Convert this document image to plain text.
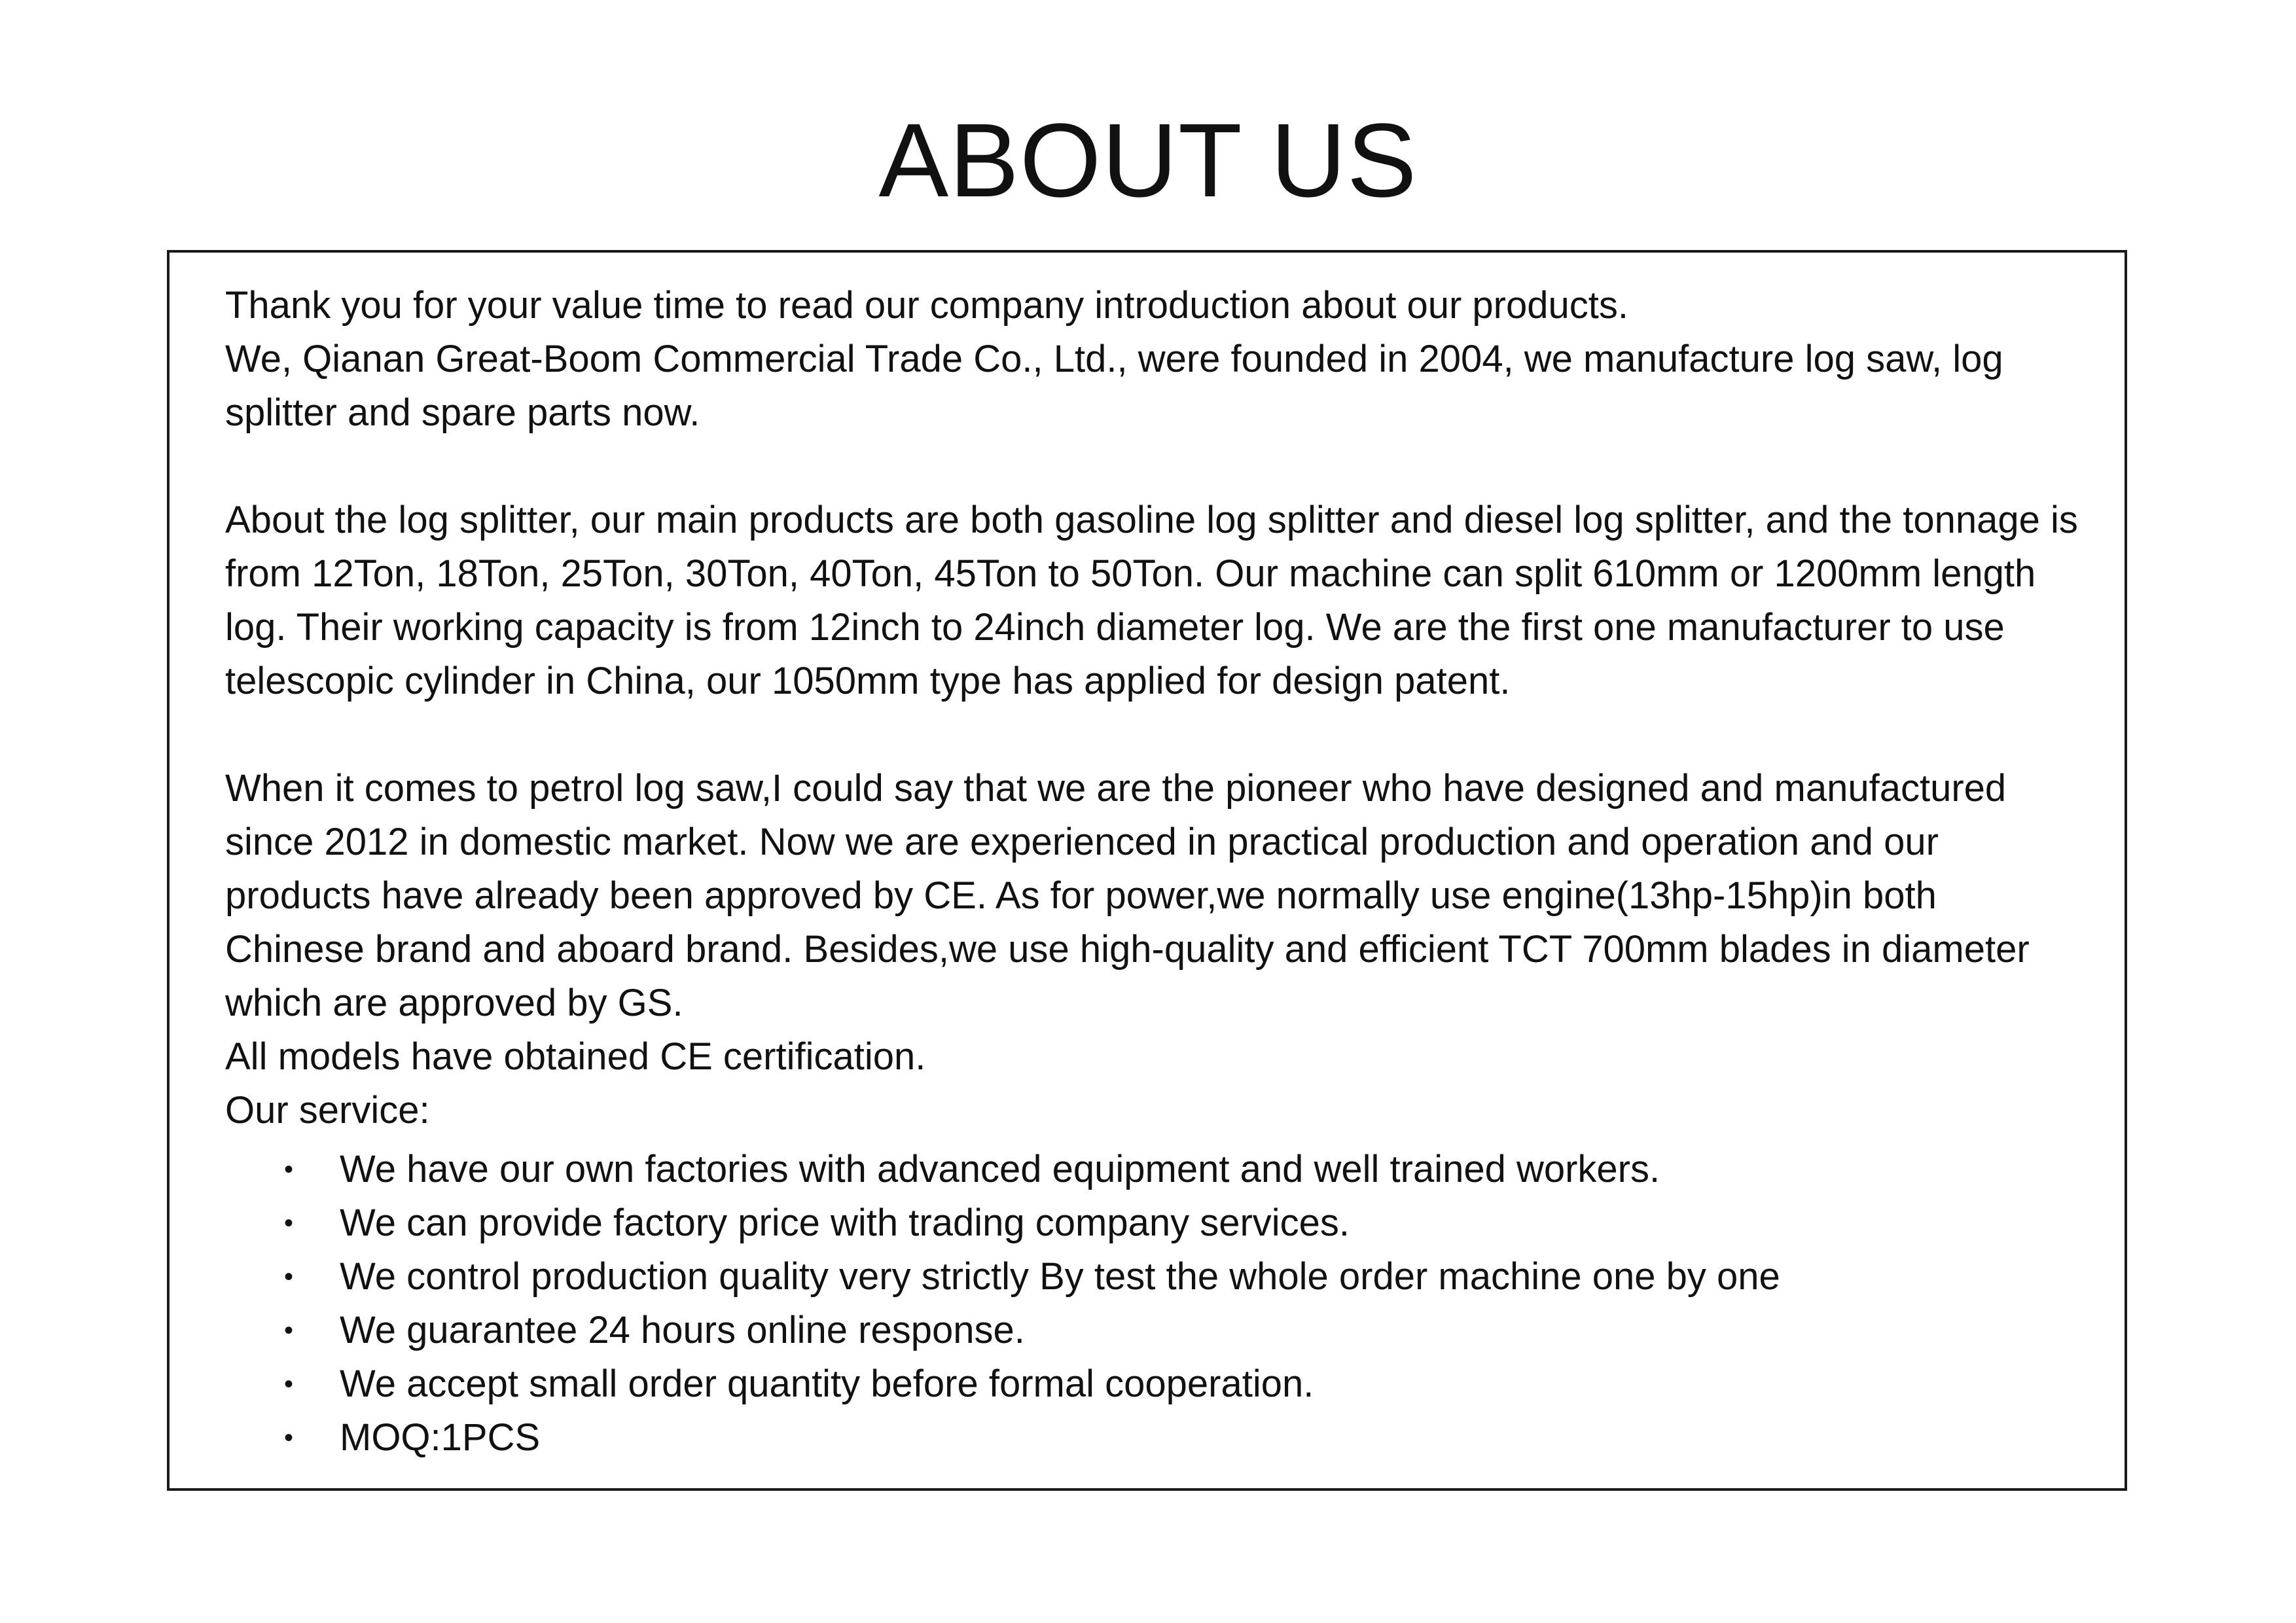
ABOUT US

Thank you for your value time to read our company introduction about our products.

We, Qianan Great-Boom Commercial Trade Co., Ltd., were founded in 2004, we manufacture log saw, log splitter and spare parts now.

About the log splitter, our main products are both gasoline log splitter and diesel log splitter, and the tonnage is from 12Ton, 18Ton, 25Ton, 30Ton, 40Ton, 45Ton to 50Ton. Our machine can split 610mm or 1200mm length log. Their working capacity is from 12inch to 24inch diameter log. We are the first one manufacturer to use telescopic cylinder in China, our 1050mm type has applied for design patent.

When it comes to petrol log saw,I could say that we are the pioneer who have designed and manufactured since 2012 in domestic market. Now we are experienced in practical production and operation and our products have already been approved by CE. As for power,we normally use engine(13hp-15hp)in both Chinese brand and aboard brand. Besides,we use high-quality and efficient TCT 700mm blades in diameter which are approved by GS.

All models have obtained CE certification.

Our service:

• We have our own factories with advanced equipment and well trained workers.
• We can provide factory price with trading company services.
• We control production quality very strictly By test the whole order machine one by one
• We guarantee 24 hours online response.
• We accept small order quantity before formal cooperation.
• MOQ:1PCS
